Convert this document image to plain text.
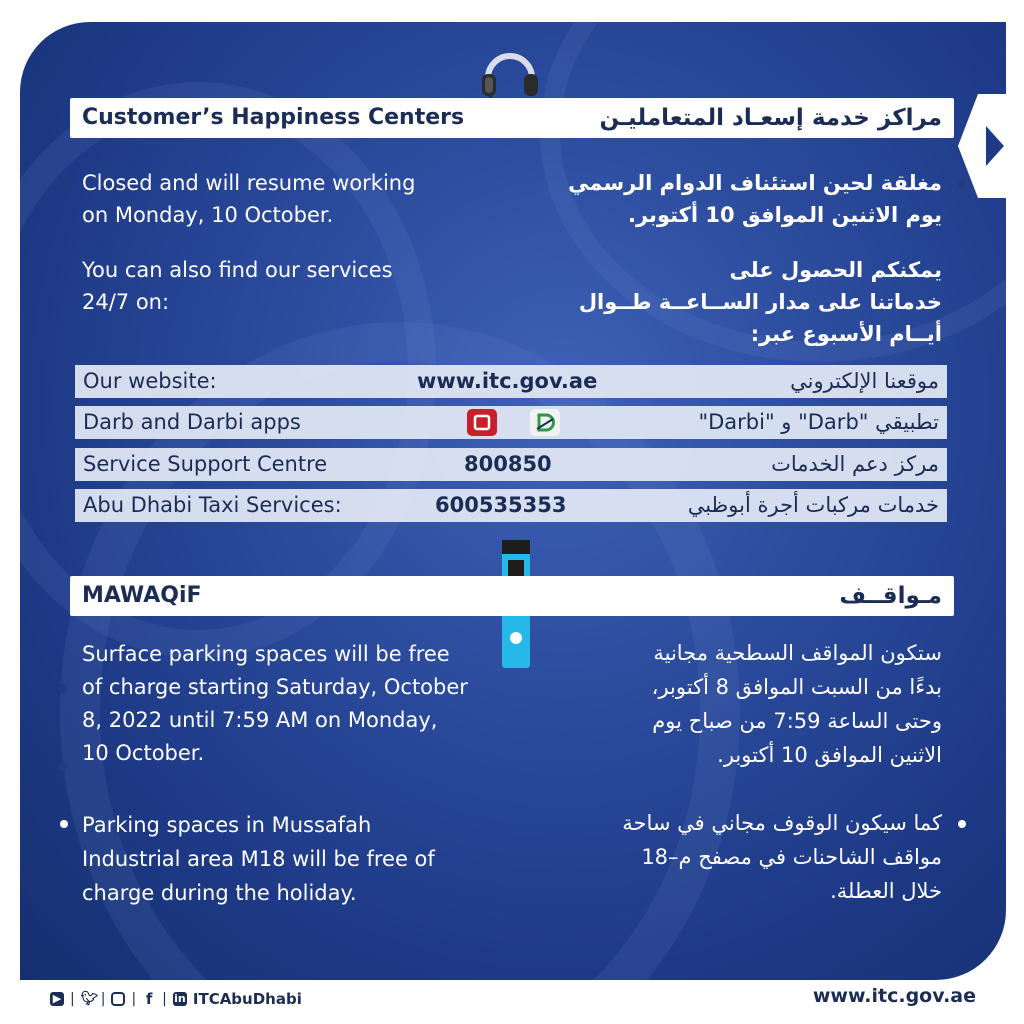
Customer’s Happiness Centers	مراكز خدمة إسعـاد المتعامليـن
Closed and will resume working
on Monday, 10 October.
مغلقة لحين استئناف الدوام الرسمي
يوم الاثنين الموافق 10 أكتوبر.
You can also find our services
24/7 on:
يمكنكم الحصول على
خدماتنا على مدار الســاعــة طــوال
أيــام الأسبوع عبر:
Our website:	www.itc.gov.ae	موقعنا الإلكتروني
Darb and Darbi apps	تطبيقي "Darb" و "Darbi"
Service Support Centre	800850	مركز دعم الخدمات
Abu Dhabi Taxi Services:	600535353	خدمات مركبات أجرة أبوظبي
MAWAQiF	مـواقــف
Surface parking spaces will be free
of charge starting Saturday, October
8, 2022 until 7:59 AM on Monday,
10 October.
ستكون المواقف السطحية مجانية
بدءًا من السبت الموافق 8 أكتوبر،
وحتى الساعة 7:59 من صباح يوم
الاثنين الموافق 10 أكتوبر.
Parking spaces in Mussafah
Industrial area M18 will be free of
charge during the holiday.
كما سيكون الوقوف مجاني في ساحة
مواقف الشاحنات في مصفح م–18
خلال العطلة.
▶ | 🐦︎ | | f | in ITCAbuDhabi	www.itc.gov.ae
